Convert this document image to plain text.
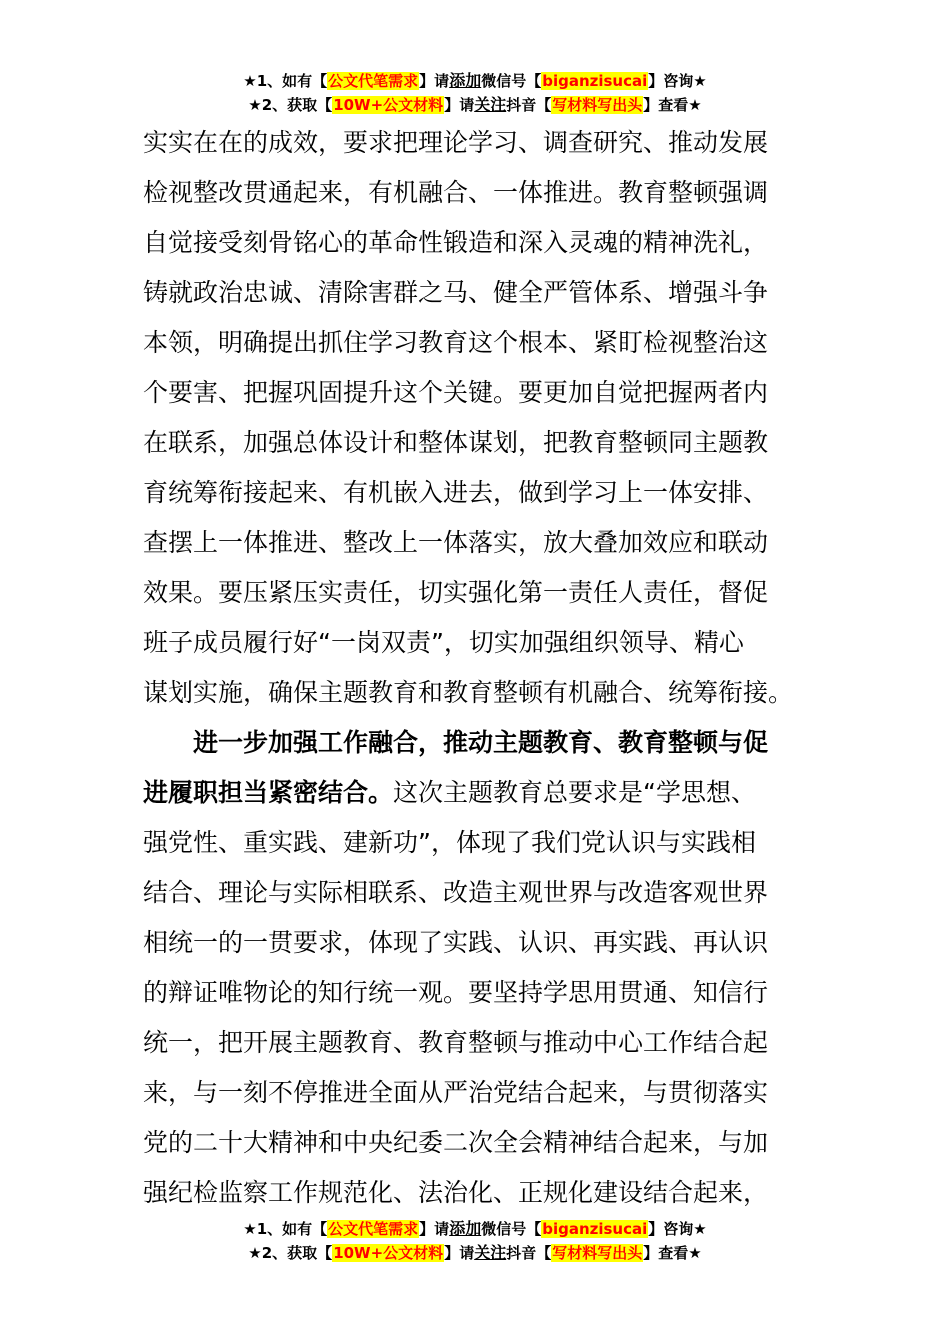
★1、如有【公文代笔需求】请添加微信号【biganzisucai】咨询★
★2、获取【10W+公文材料】请关注抖音【写材料写出头】查看★
实实在在的成效，要求把理论学习、调查研究、推动发展
检视整改贯通起来，有机融合、一体推进。教育整顿强调
自觉接受刻骨铭心的革命性锻造和深入灵魂的精神洗礼，
铸就政治忠诚、清除害群之马、健全严管体系、增强斗争
本领，明确提出抓住学习教育这个根本、紧盯检视整治这
个要害、把握巩固提升这个关键。要更加自觉把握两者内
在联系，加强总体设计和整体谋划，把教育整顿同主题教
育统筹衔接起来、有机嵌入进去，做到学习上一体安排、
查摆上一体推进、整改上一体落实，放大叠加效应和联动
效果。要压紧压实责任，切实强化第一责任人责任，督促
班子成员履行好“一岗双责”，切实加强组织领导、精心
谋划实施，确保主题教育和教育整顿有机融合、统筹衔接。
进一步加强工作融合，推动主题教育、教育整顿与促
进履职担当紧密结合。这次主题教育总要求是“学思想、
强党性、重实践、建新功”，体现了我们党认识与实践相
结合、理论与实际相联系、改造主观世界与改造客观世界
相统一的一贯要求，体现了实践、认识、再实践、再认识
的辩证唯物论的知行统一观。要坚持学思用贯通、知信行
统一，把开展主题教育、教育整顿与推动中心工作结合起
来，与一刻不停推进全面从严治党结合起来，与贯彻落实
党的二十大精神和中央纪委二次全会精神结合起来，与加
强纪检监察工作规范化、法治化、正规化建设结合起来，
★1、如有【公文代笔需求】请添加微信号【biganzisucai】咨询★
★2、获取【10W+公文材料】请关注抖音【写材料写出头】查看★
